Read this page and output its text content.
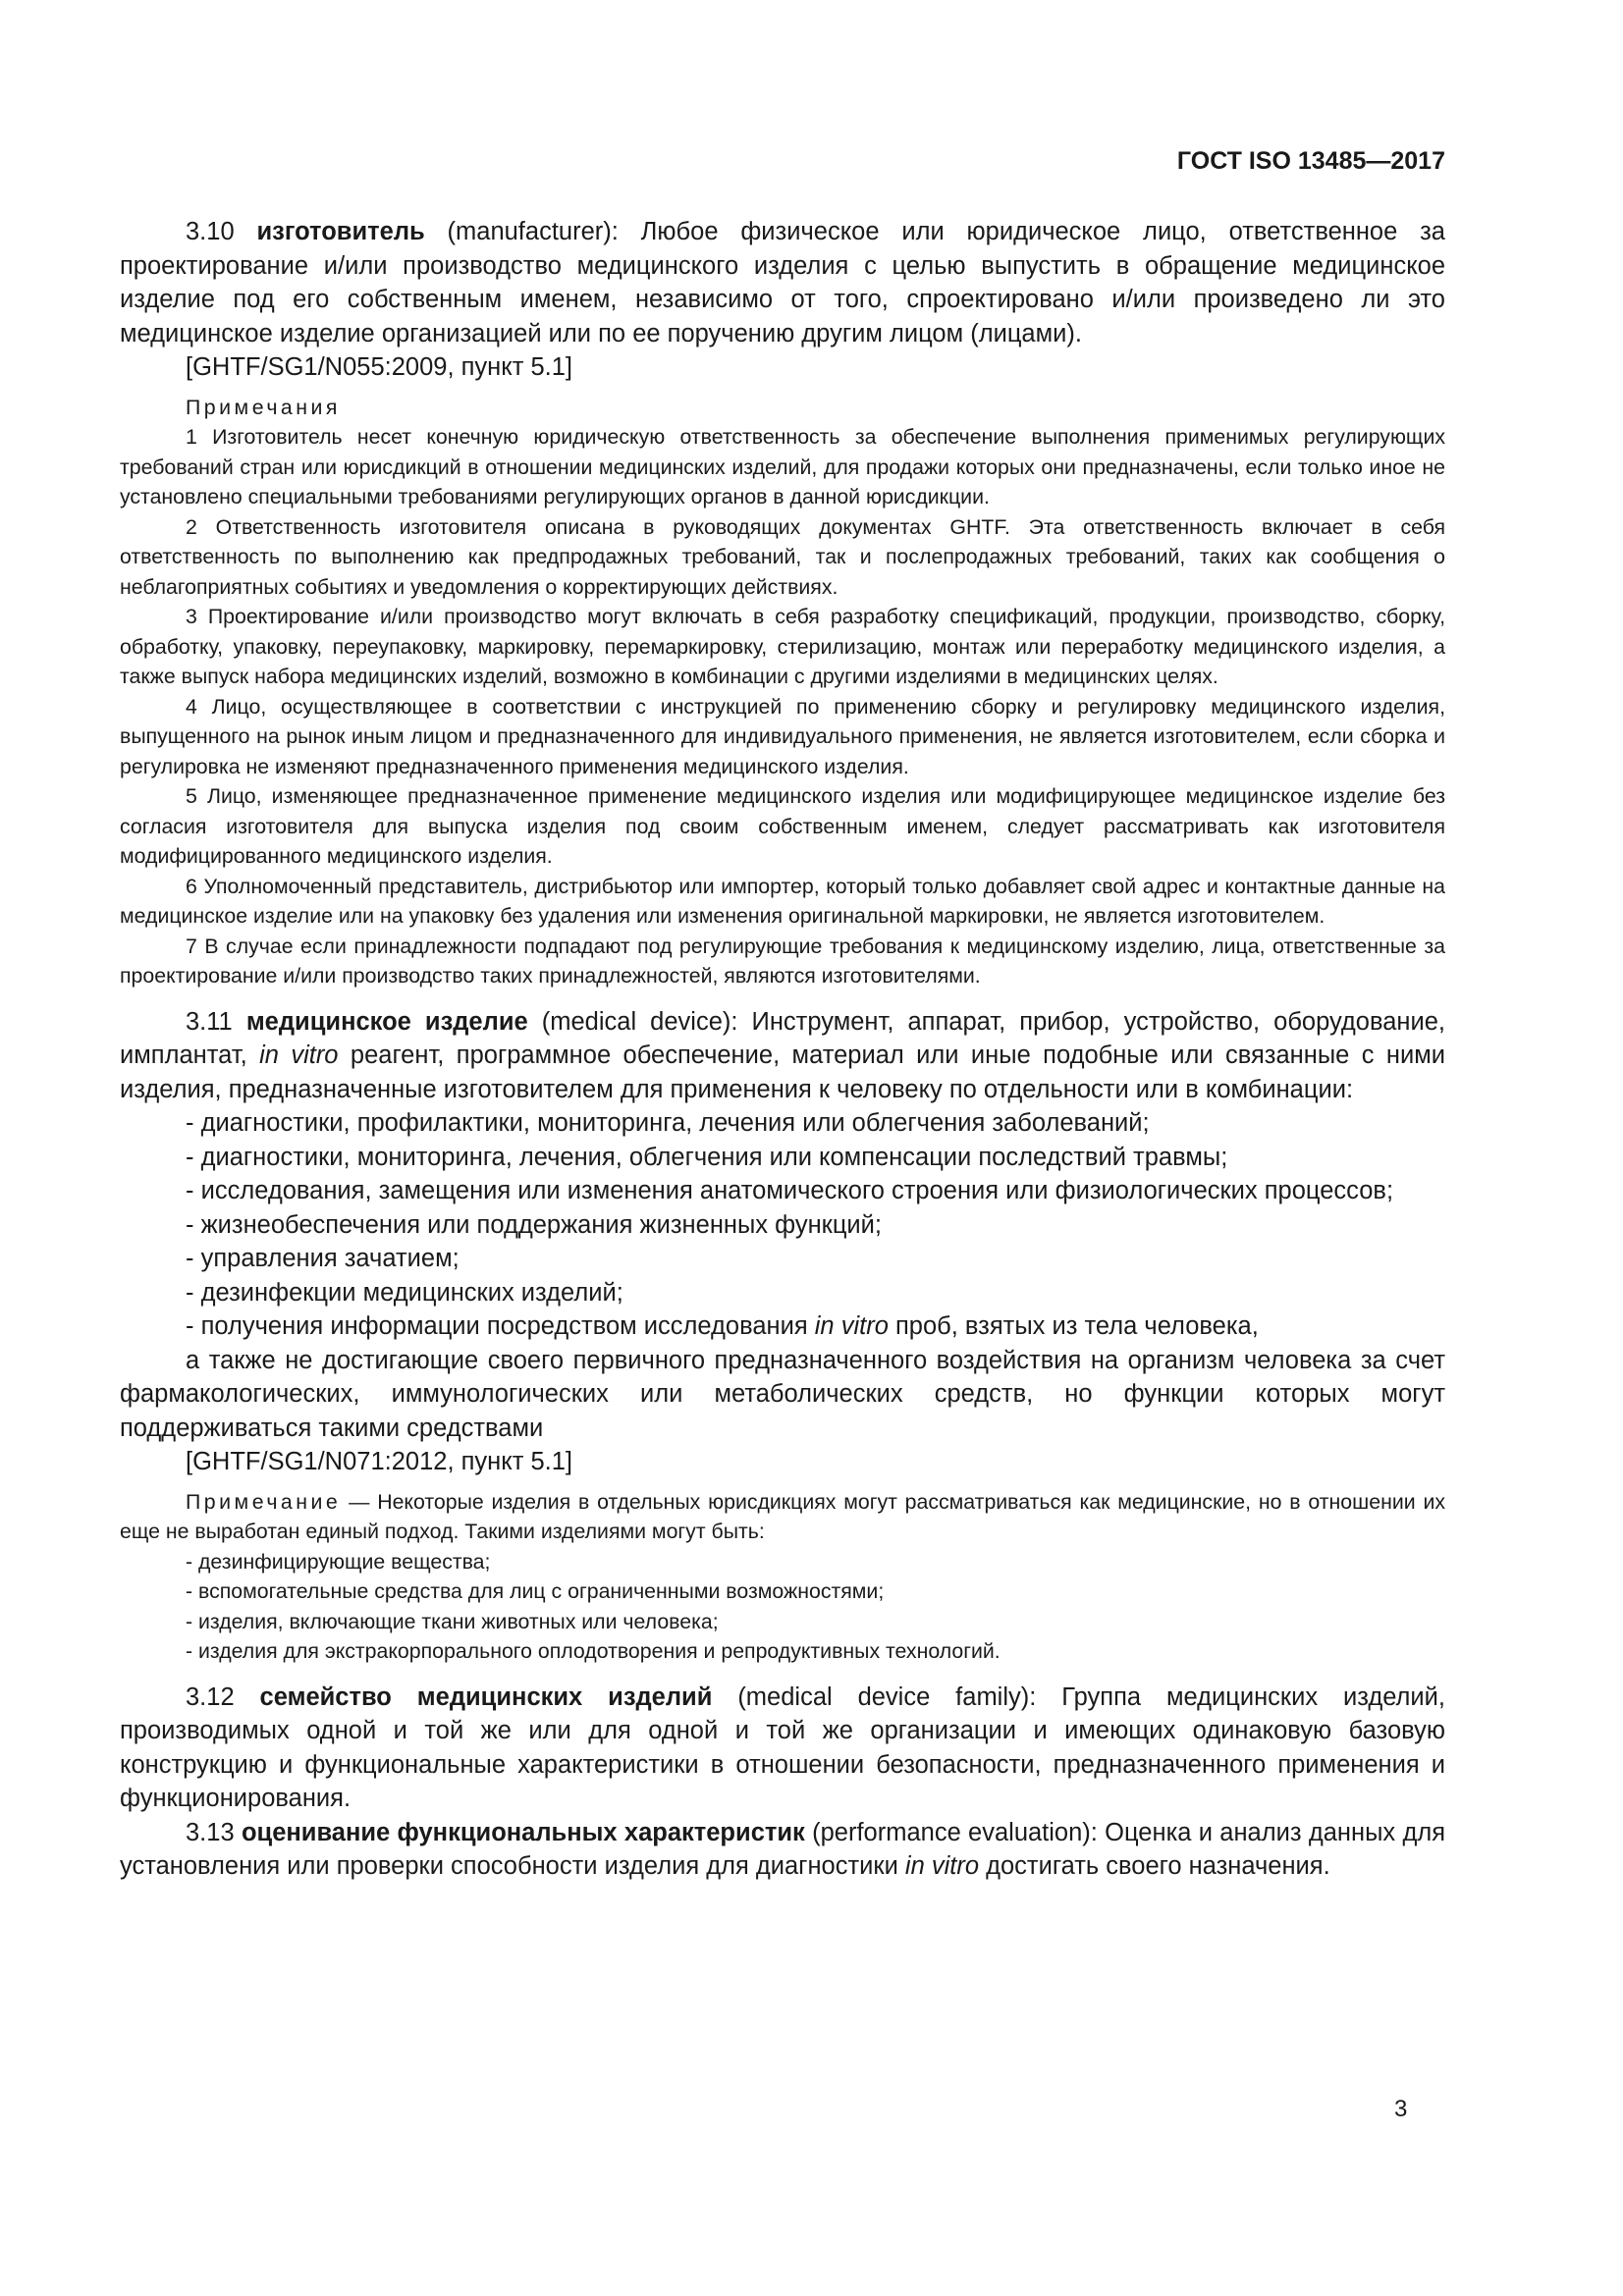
ГОСТ ISO 13485—2017

3.10 изготовитель (manufacturer): Любое физическое или юридическое лицо, ответственное за проектирование и/или производство медицинского изделия с целью выпустить в обращение медицинское изделие под его собственным именем, независимо от того, спроектировано и/или произведено ли это медицинское изделие организацией или по ее поручению другим лицом (лицами).

[GHTF/SG1/N055:2009, пункт 5.1]

Примечания

1 Изготовитель несет конечную юридическую ответственность за обеспечение выполнения применимых регулирующих требований стран или юрисдикций в отношении медицинских изделий, для продажи которых они предназначены, если только иное не установлено специальными требованиями регулирующих органов в данной юрисдикции.

2 Ответственность изготовителя описана в руководящих документах GHTF. Эта ответственность включает в себя ответственность по выполнению как предпродажных требований, так и послепродажных требований, таких как сообщения о неблагоприятных событиях и уведомления о корректирующих действиях.

3 Проектирование и/или производство могут включать в себя разработку спецификаций, продукции, производство, сборку, обработку, упаковку, переупаковку, маркировку, перемаркировку, стерилизацию, монтаж или переработку медицинского изделия, а также выпуск набора медицинских изделий, возможно в комбинации с другими изделиями в медицинских целях.

4 Лицо, осуществляющее в соответствии с инструкцией по применению сборку и регулировку медицинского изделия, выпущенного на рынок иным лицом и предназначенного для индивидуального применения, не является изготовителем, если сборка и регулировка не изменяют предназначенного применения медицинского изделия.

5 Лицо, изменяющее предназначенное применение медицинского изделия или модифицирующее медицинское изделие без согласия изготовителя для выпуска изделия под своим собственным именем, следует рассматривать как изготовителя модифицированного медицинского изделия.

6 Уполномоченный представитель, дистрибьютор или импортер, который только добавляет свой адрес и контактные данные на медицинское изделие или на упаковку без удаления или изменения оригинальной маркировки, не является изготовителем.

7 В случае если принадлежности подпадают под регулирующие требования к медицинскому изделию, лица, ответственные за проектирование и/или производство таких принадлежностей, являются изготовителями.

3.11 медицинское изделие (medical device): Инструмент, аппарат, прибор, устройство, оборудование, имплантат, in vitro реагент, программное обеспечение, материал или иные подобные или связанные с ними изделия, предназначенные изготовителем для применения к человеку по отдельности или в комбинации:

- диагностики, профилактики, мониторинга, лечения или облегчения заболеваний;

- диагностики, мониторинга, лечения, облегчения или компенсации последствий травмы;

- исследования, замещения или изменения анатомического строения или физиологических процессов;

- жизнеобеспечения или поддержания жизненных функций;

- управления зачатием;

- дезинфекции медицинских изделий;

- получения информации посредством исследования in vitro проб, взятых из тела человека,

а также не достигающие своего первичного предназначенного воздействия на организм человека за счет фармакологических, иммунологических или метаболических средств, но функции которых могут поддерживаться такими средствами

[GHTF/SG1/N071:2012, пункт 5.1]

Примечание — Некоторые изделия в отдельных юрисдикциях могут рассматриваться как медицинские, но в отношении их еще не выработан единый подход. Такими изделиями могут быть:

- дезинфицирующие вещества;

- вспомогательные средства для лиц с ограниченными возможностями;

- изделия, включающие ткани животных или человека;

- изделия для экстракорпорального оплодотворения и репродуктивных технологий.

3.12 семейство медицинских изделий (medical device family): Группа медицинских изделий, производимых одной и той же или для одной и той же организации и имеющих одинаковую базовую конструкцию и функциональные характеристики в отношении безопасности, предназначенного применения и функционирования.

3.13 оценивание функциональных характеристик (performance evaluation): Оценка и анализ данных для установления или проверки способности изделия для диагностики in vitro достигать своего назначения.

3
